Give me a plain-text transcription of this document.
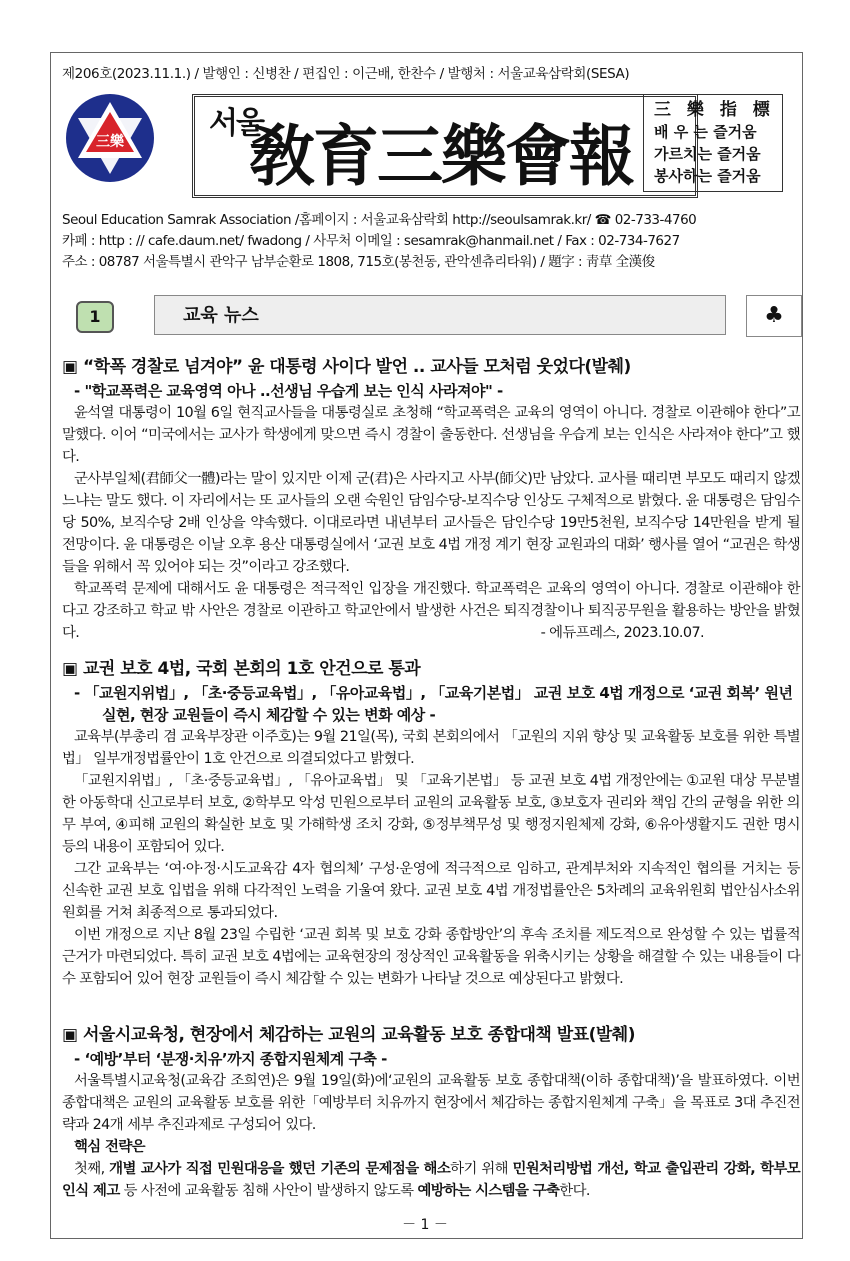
제206호(2023.11.1.) / 발행인 : 신병찬 / 편집인 : 이근배, 한찬수 / 발행처 : 서울교육삼락회(SESA)
三樂
서울敎育三樂會報
三 樂 指 標
배 우 는 즐거움
가르치는 즐거움
봉사하는 즐거움
Seoul Education Samrak Association /홈페이지 : 서울교육삼락회 http://seoulsamrak.kr/ ☎ 02-733-4760
카페 : http : // cafe.daum.net/ fwadong / 사무처 이메일 : sesamrak@hanmail.net / Fax : 02-734-7627
주소 : 08787 서울특별시 관악구 남부순환로 1808, 715호(봉천동, 관악센츄리타워) / 題字 : 靑草 全漢俊
1	교육 뉴스	♣
▣ “학폭 경찰로 넘겨야” 윤 대통령 사이다 발언 .. 교사들 모처럼 웃었다(발췌)

- "학교폭력은 교육영역 아나 ..선생님 우습게 보는 인식 사라져야" -

윤석열 대통령이 10월 6일 현직교사들을 대통령실로 초청해 “학교폭력은 교육의 영역이 아니다. 경찰로 이관해야 한다”고 말했다. 이어 “미국에서는 교사가 학생에게 맞으면 즉시 경찰이 출동한다. 선생님을 우습게 보는 인식은 사라져야 한다”고 했다.

군사부일체(君師父一體)라는 말이 있지만 이제 군(君)은 사라지고 사부(師父)만 남았다. 교사를 때리면 부모도 때리지 않겠느냐는 말도 했다. 이 자리에서는 또 교사들의 오랜 숙원인 담임수당-보직수당 인상도 구체적으로 밝혔다. 윤 대통령은 담임수당 50%, 보직수당 2배 인상을 약속했다. 이대로라면 내년부터 교사들은 담인수당 19만5천원, 보직수당 14만원을 받게 될 전망이다. 윤 대통령은 이날 오후 용산 대통령실에서 ‘교권 보호 4법 개정 계기 현장 교원과의 대화’ 행사를 열어 “교권은 학생들을 위해서 꼭 있어야 되는 것”이라고 강조했다.

학교폭력 문제에 대해서도 윤 대통령은 적극적인 입장을 개진했다. 학교폭력은 교육의 영역이 아니다. 경찰로 이관해야 한다고 강조하고 학교 밖 사안은 경찰로 이관하고 학교안에서 발생한 사건은 퇴직경찰이나 퇴직공무원을 활용하는 방안을 밝혔다.	- 에듀프레스, 2023.10.07.

▣ 교권 보호 4법, 국회 본회의 1호 안건으로 통과

- 「교원지위법」, 「초·중등교육법」, 「유아교육법」, 「교육기본법」 교권 보호 4법 개정으로 ‘교권 회복’ 원년

실현, 현장 교원들이 즉시 체감할 수 있는 변화 예상 -

교육부(부총리 겸 교육부장관 이주호)는 9월 21일(목), 국회 본회의에서 「교원의 지위 향상 및 교육활동 보호를 위한 특별법」 일부개정법률안이 1호 안건으로 의결되었다고 밝혔다.

「교원지위법」, 「초·중등교육법」, 「유아교육법」 및 「교육기본법」 등 교권 보호 4법 개정안에는 ①교원 대상 무분별한 아동학대 신고로부터 보호, ②학부모 악성 민원으로부터 교원의 교육활동 보호, ③보호자 권리와 책임 간의 균형을 위한 의무 부여, ④피해 교원의 확실한 보호 및 가해학생 조치 강화, ⑤정부책무성 및 행정지원체제 강화, ⑥유아생활지도 권한 명시 등의 내용이 포함되어 있다.

그간 교육부는 ‘여·야·정·시도교육감 4자 협의체’ 구성·운영에 적극적으로 임하고, 관계부처와 지속적인 협의를 거치는 등 신속한 교권 보호 입법을 위해 다각적인 노력을 기울여 왔다. 교권 보호 4법 개정법률안은 5차례의 교육위원회 법안심사소위원회를 거쳐 최종적으로 통과되었다.

이번 개정으로 지난 8월 23일 수립한 ‘교권 회복 및 보호 강화 종합방안’의 후속 조치를 제도적으로 완성할 수 있는 법률적 근거가 마련되었다. 특히 교권 보호 4법에는 교육현장의 정상적인 교육활동을 위축시키는 상황을 해결할 수 있는 내용들이 다수 포함되어 있어 현장 교원들이 즉시 체감할 수 있는 변화가 나타날 것으로 예상된다고 밝혔다.

▣ 서울시교육청, 현장에서 체감하는 교원의 교육활동 보호 종합대책 발표(발췌)

- ‘예방’부터 ‘분쟁·치유’까지 종합지원체계 구축 -

서울특별시교육청(교육감 조희연)은 9월 19일(화)에‘교원의 교육활동 보호 종합대책(이하 종합대책)’을 발표하였다. 이번 종합대책은 교원의 교육활동 보호를 위한「예방부터 치유까지 현장에서 체감하는 종합지원체계 구축」을 목표로 3대 추진전략과 24개 세부 추진과제로 구성되어 있다.

핵심 전략은

첫째, 개별 교사가 직접 민원대응을 했던 기존의 문제점을 해소하기 위해 민원처리방법 개선, 학교 출입관리 강화, 학부모 인식 제고 등 사전에 교육활동 침해 사안이 발생하지 않도록 예방하는 시스템을 구축한다.

－ 1 －
